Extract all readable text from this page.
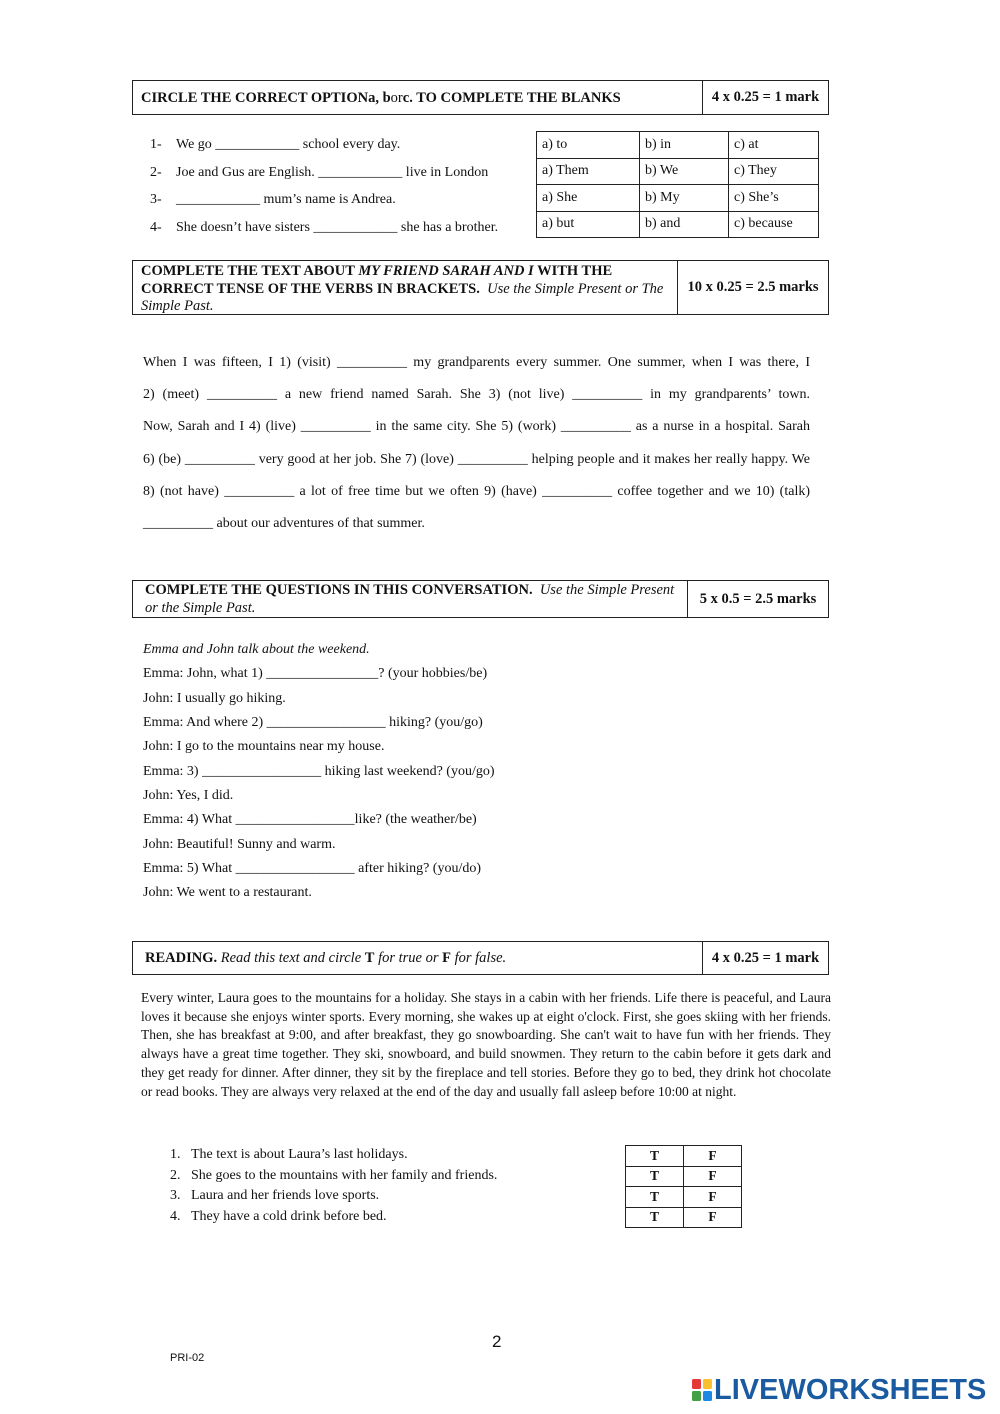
CIRCLE THE CORRECT OPTION a, b or c . TO COMPLETE THE BLANKS	4 x 0.25 = 1 mark
1-	We go ____________ school every day.
2-	Joe and Gus are English. ____________ live in London
3-	____________ mum’s name is Andrea.
4-	She doesn’t have sisters ____________ she has a brother.
a) to	b) in	c) at
a) Them	b) We	c) They
a) She	b) My	c) She’s
a) but	b) and	c) because
COMPLETE THE TEXT ABOUT MY FRIEND SARAH AND I WITH THE CORRECT TENSE OF THE VERBS IN BRACKETS. Use the Simple Present or The Simple Past.
10 x 0.25 = 2.5 marks
When I was fifteen, I 1) (visit) __________ my grandparents every summer. One summer, when I was there, I
2) (meet) __________ a new friend named Sarah. She 3) (not live) __________ in my grandparents’ town.
Now, Sarah and I 4) (live) __________ in the same city. She 5) (work) __________ as a nurse in a hospital. Sarah
6) (be) __________ very good at her job. She 7) (love) __________ helping people and it makes her really happy. We
8) (not have) __________ a lot of free time but we often 9) (have) __________ coffee together and we 10) (talk)
__________ about our adventures of that summer.
COMPLETE THE QUESTIONS IN THIS CONVERSATION. Use the Simple Present or the Simple Past.
5 x 0.5 = 2.5 marks
Emma and John talk about the weekend.
Emma: John, what 1) ________________? (your hobbies/be)
John: I usually go hiking.
Emma: And where 2) _________________ hiking? (you/go)
John: I go to the mountains near my house.
Emma: 3) _________________ hiking last weekend? (you/go)
John: Yes, I did.
Emma: 4) What _________________like? (the weather/be)
John: Beautiful! Sunny and warm.
Emma: 5) What _________________ after hiking? (you/do)
John: We went to a restaurant.
READING.
Read this text and circle
T
for true or
F
for false.	4 x 0.25 = 1 mark
Every winter, Laura goes to the mountains for a holiday. She stays in a cabin with her friends. Life there is peaceful, and Laura loves it because she enjoys winter sports. Every morning, she wakes up at eight o'clock. First, she goes skiing with her friends. Then, she has breakfast at 9:00, and after breakfast, they go snowboarding. She can't wait to have fun with her friends. They always have a great time together. They ski, snowboard, and build snowmen. They return to the cabin before it gets dark and they get ready for dinner. After dinner, they sit by the fireplace and tell stories. Before they go to bed, they drink hot chocolate or read books. They are always very relaxed at the end of the day and usually fall asleep before 10:00 at night.
1. The text is about Laura’s last holidays.
2. She goes to the mountains with her family and friends.
3. Laura and her friends love sports.
4. They have a cold drink before bed.
T	F
T	F
T	F
T	F
2
PRI-02
LIVEWORKSHEETS
